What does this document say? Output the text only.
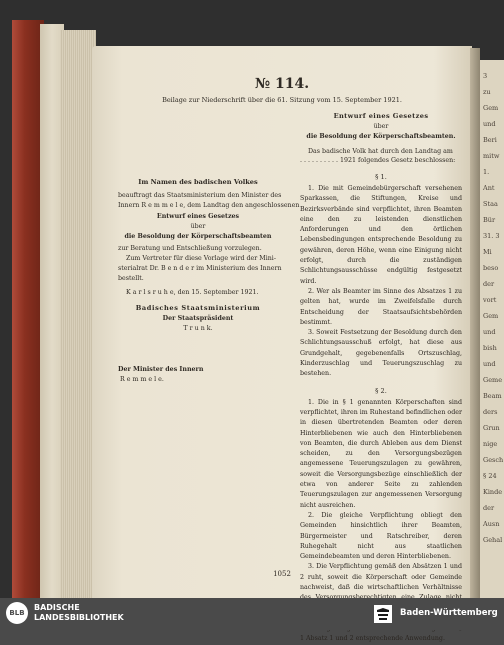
№ 114.
Beilage zur Niederschrift über die 61. Sitzung vom 15. September 1921.
Im Namen des badischen Volkes
beauftragt das Staatsministerium den Minister des
Innern R e m m e l e, dem Landtag den angeschlossenen
Entwurf eines Gesetzes
über
die Besoldung der Körperschaftsbeamten
zur Beratung und Entschließung vorzulegen.
Zum Vertreter für diese Vorlage wird der Mini-
sterialrat Dr. B e n d e r im Ministerium des Innern
bestellt.
K a r l s r u h e, den 15. September 1921.
Badisches Staatsministerium
Der Staatspräsident
T r u n k.
Der Minister des Innern
R e m m e l e.
Entwurf eines Gesetzes
über
die Besoldung der Körperschaftsbeamten.
Das badische Volk hat durch den Landtag am
. . . . . . . . . . 1921 folgendes Gesetz beschlossen:
§ 1.
1. Die mit Gemeindebürgerschaft versehenen Sparkassen, die Stiftungen, Kreise und Bezirksverbände sind verpflichtet, ihren Beamten eine den zu leistenden dienstlichen Anforderungen und den örtlichen Lebensbedingungen entsprechende Besoldung zu gewähren, deren Höhe, wenn eine Einigung nicht erfolgt, durch die zuständigen Schlichtungsausschüsse endgültig festgesetzt wird.
2. Wer als Beamter im Sinne des Absatzes 1 zu gelten hat, wurde im Zweifelsfalle durch Entscheidung der Staatsaufsichtsbehörden bestimmt.
3. Soweit Festsetzung der Besoldung durch den Schlichtungsausschuß erfolgt, hat diese aus Grundgehalt, gegebenenfalls Ortszuschlag, Kinderzuschlag und Teuerungszuschlag zu bestehen.
§ 2.
1. Die in § 1 genannten Körperschaften sind verpflichtet, ihren im Ruhestand befindlichen oder in diesen übertretenden Beamten oder deren Hinterbliebenen wie auch den Hinterbliebenen von Beamten, die durch Ableben aus dem Dienst scheiden, zu den Versorgungsbezügen angemessene Teuerungszulagen zu gewähren, soweit die Versorgungsbezüge einschließlich der etwa von anderer Seite zu zahlenden Teuerungszulagen zur angemessenen Versorgung nicht ausreichen.
2. Die gleiche Verpflichtung obliegt den Gemeinden hinsichtlich ihrer Beamten, Bürgermeister und Ratschreiber, deren Ruhegehalt nicht aus staatlichen Gemeindebeamten und deren Hinterbliebenen.
3. Die Verpflichtung gemäß den Absätzen 1 und 2 ruht, soweit die Körperschaft oder Gemeinde nachweist, daß die wirtschaftlichen Verhältnisse
1 Absatz 1 und 2 entsprechende Anwendung.
1052
3
zu
Gem
und
Beri
mitw
1.
Ant
Staa
Bür
31. 3
Mi
beso
der
vort
Gem
und
bish
und
Geme
Beam
ders
Grun
nige
Gesch
§ 24
Kinde
der
Ausn
Gehal
BLB
BADISCHE
LANDESBIBLIOTHEK	Baden-Württemberg
